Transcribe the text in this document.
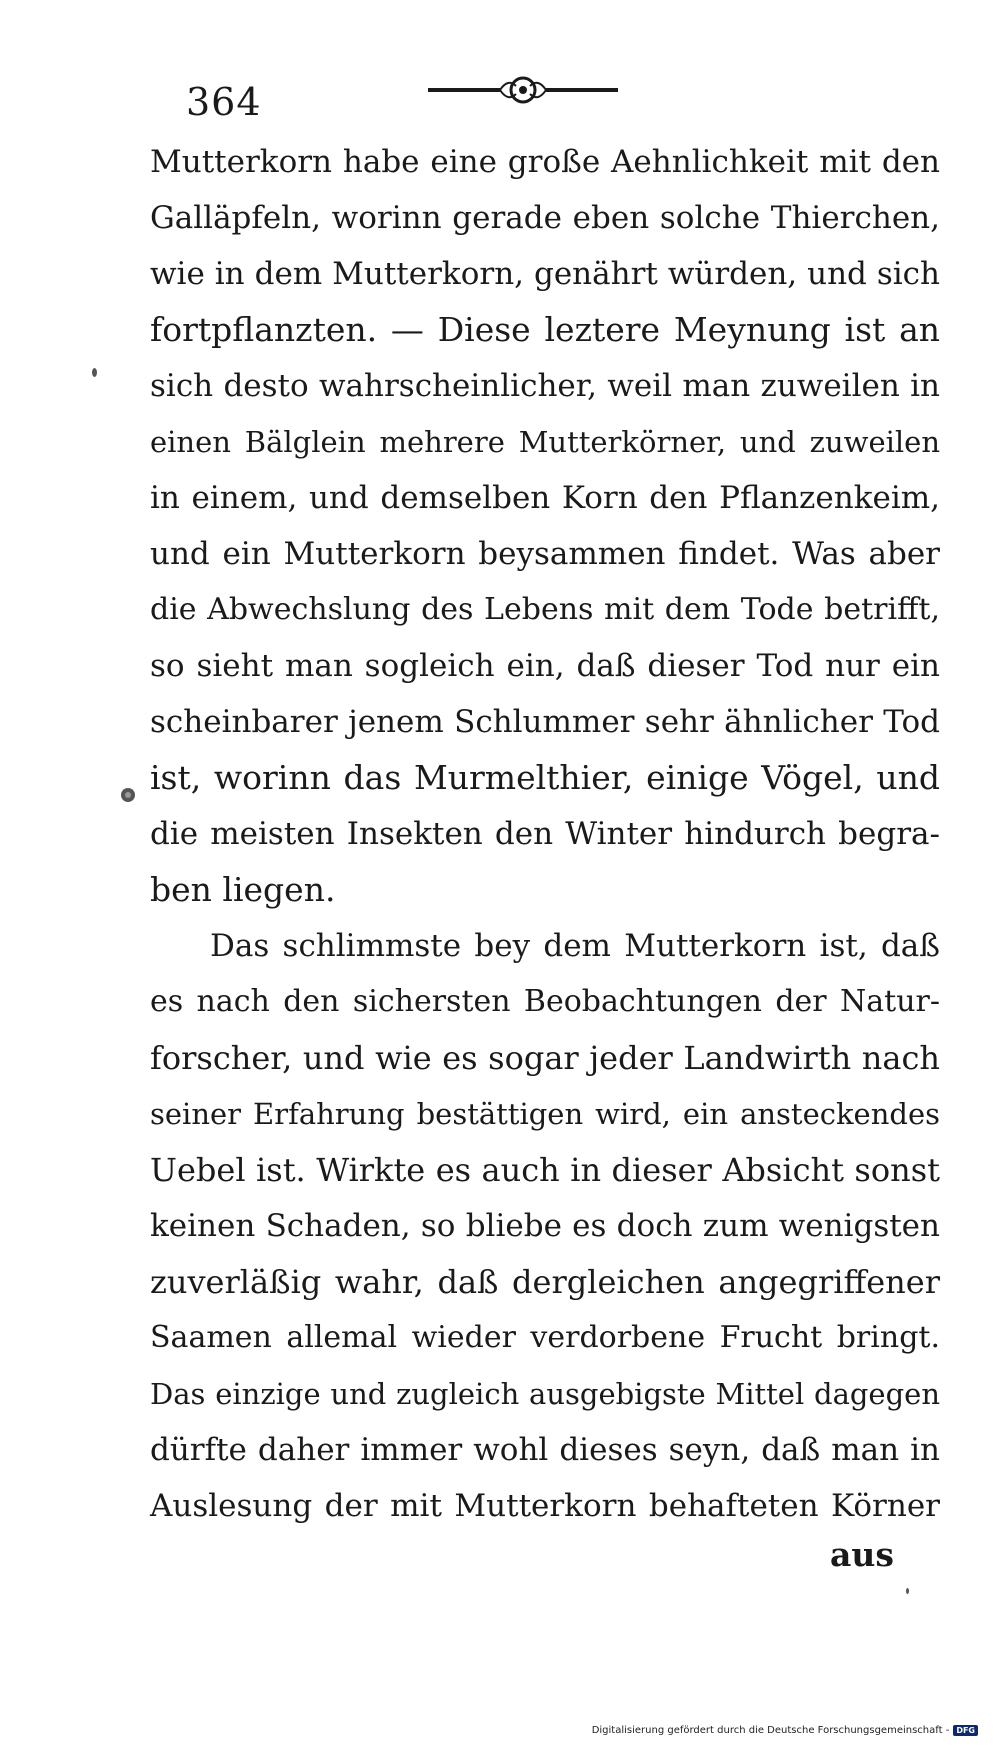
364
Mutterkorn habe eine große Aehnlichkeit mit den
Galläpfeln, worinn gerade eben solche Thierchen,
wie in dem Mutterkorn, genährt würden, und sich
fortpflanzten. — Diese leztere Meynung ist an
sich desto wahrscheinlicher, weil man zuweilen in
einen Bälglein mehrere Mutterkörner, und zuweilen
in einem, und demselben Korn den Pflanzenkeim,
und ein Mutterkorn beysammen findet. Was aber
die Abwechslung des Lebens mit dem Tode betrifft,
so sieht man sogleich ein, daß dieser Tod nur ein
scheinbarer jenem Schlummer sehr ähnlicher Tod
ist, worinn das Murmelthier, einige Vögel, und
die meisten Insekten den Winter hindurch begra-
ben liegen.
Das schlimmste bey dem Mutterkorn ist, daß
es nach den sichersten Beobachtungen der Natur-
forscher, und wie es sogar jeder Landwirth nach
seiner Erfahrung bestättigen wird, ein ansteckendes
Uebel ist. Wirkte es auch in dieser Absicht sonst
keinen Schaden, so bliebe es doch zum wenigsten
zuverläßig wahr, daß dergleichen angegriffener
Saamen allemal wieder verdorbene Frucht bringt.
Das einzige und zugleich ausgebigste Mittel dagegen
dürfte daher immer wohl dieses seyn, daß man in
Auslesung der mit Mutterkorn behafteten Körner
aus
Digitalisierung gefördert durch die Deutsche Forschungsgemeinschaft - DFG
